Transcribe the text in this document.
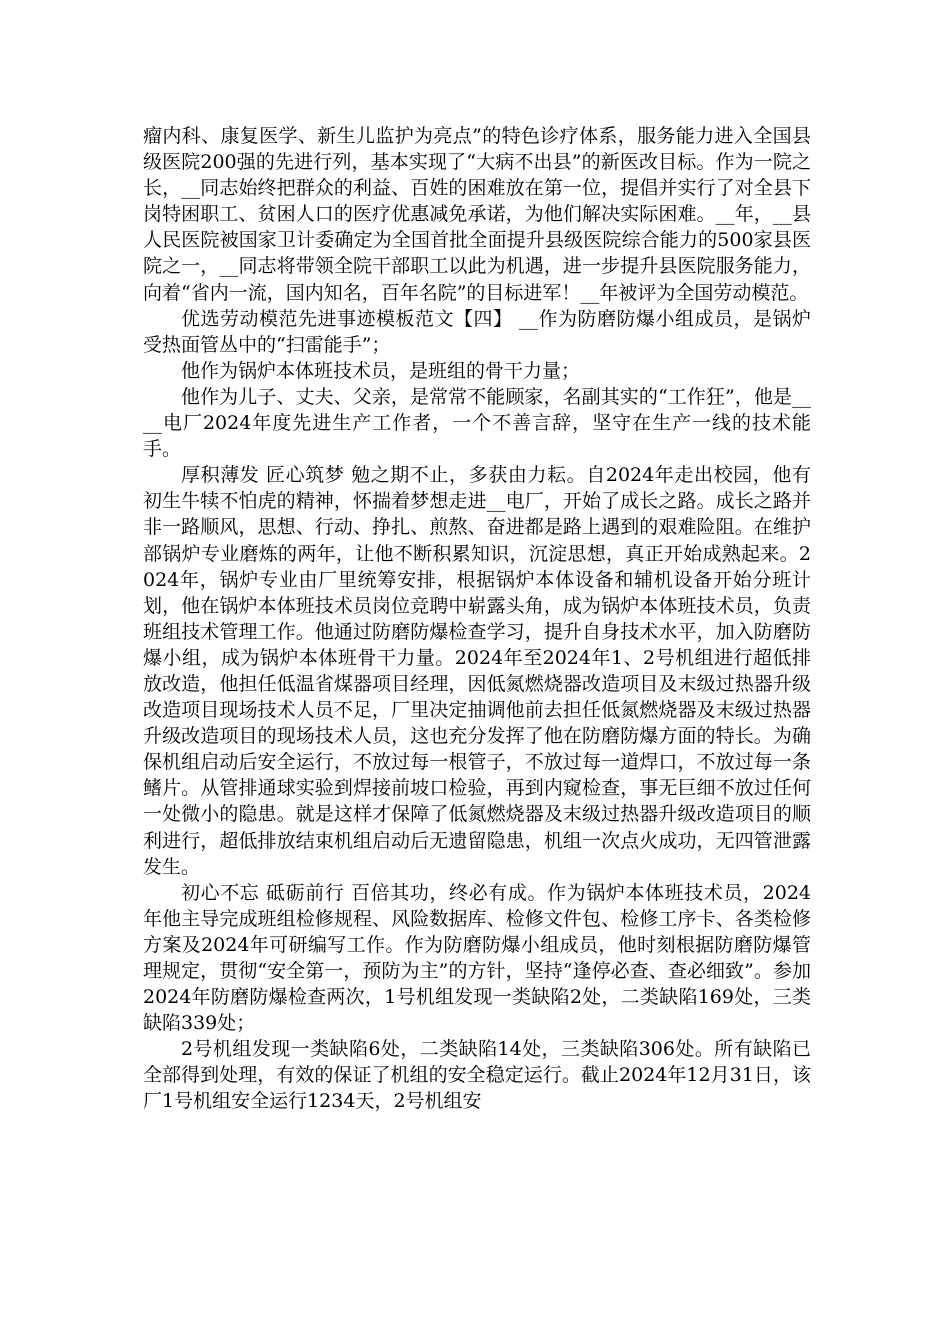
瘤内科、康复医学、新生儿监护为亮点”的特色诊疗体系，服务能力进入全国县级医院200强的先进行列，基本实现了“大病不出县”的新医改目标。作为一院之长，__同志始终把群众的利益、百姓的困难放在第一位，提倡并实行了对全县下岗特困职工、贫困人口的医疗优惠减免承诺，为他们解决实际困难。__年，__县人民医院被国家卫计委确定为全国首批全面提升县级医院综合能力的500家县医院之一，__同志将带领全院干部职工以此为机遇，进一步提升县医院服务能力，向着“省内一流，国内知名，百年名院”的目标进军！__年被评为全国劳动模范。

优选劳动模范先进事迹模板范文【四】 __作为防磨防爆小组成员，是锅炉受热面管丛中的“扫雷能手”；

他作为锅炉本体班技术员，是班组的骨干力量；

他作为儿子、丈夫、父亲，是常常不能顾家，名副其实的“工作狂”，他是____电厂2024年度先进生产工作者，一个不善言辞，坚守在生产一线的技术能手。

厚积薄发 匠心筑梦 勉之期不止，多获由力耘。自2024年走出校园，他有初生牛犊不怕虎的精神，怀揣着梦想走进__电厂，开始了成长之路。成长之路并非一路顺风，思想、行动、挣扎、煎熬、奋进都是路上遇到的艰难险阻。在维护部锅炉专业磨炼的两年，让他不断积累知识，沉淀思想，真正开始成熟起来。2024年，锅炉专业由厂里统筹安排，根据锅炉本体设备和辅机设备开始分班计划，他在锅炉本体班技术员岗位竞聘中崭露头角，成为锅炉本体班技术员，负责班组技术管理工作。他通过防磨防爆检查学习，提升自身技术水平，加入防磨防爆小组，成为锅炉本体班骨干力量。2024年至2024年1、2号机组进行超低排放改造，他担任低温省煤器项目经理，因低氮燃烧器改造项目及末级过热器升级改造项目现场技术人员不足，厂里决定抽调他前去担任低氮燃烧器及末级过热器升级改造项目的现场技术人员，这也充分发挥了他在防磨防爆方面的特长。为确保机组启动后安全运行，不放过每一根管子，不放过每一道焊口，不放过每一条鳍片。从管排通球实验到焊接前坡口检验，再到内窥检查，事无巨细不放过任何一处微小的隐患。就是这样才保障了低氮燃烧器及末级过热器升级改造项目的顺利进行，超低排放结束机组启动后无遗留隐患，机组一次点火成功，无四管泄露发生。

初心不忘 砥砺前行 百倍其功，终必有成。作为锅炉本体班技术员，2024年他主导完成班组检修规程、风险数据库、检修文件包、检修工序卡、各类检修方案及2024年可研编写工作。作为防磨防爆小组成员，他时刻根据防磨防爆管理规定，贯彻“安全第一，预防为主”的方针，坚持“逢停必查、查必细致”。参加2024年防磨防爆检查两次，1号机组发现一类缺陷2处，二类缺陷169处，三类缺陷339处；

2号机组发现一类缺陷6处，二类缺陷14处，三类缺陷306处。所有缺陷已全部得到处理，有效的保证了机组的安全稳定运行。截止2024年12月31日，该厂1号机组安全运行1234天，2号机组安
